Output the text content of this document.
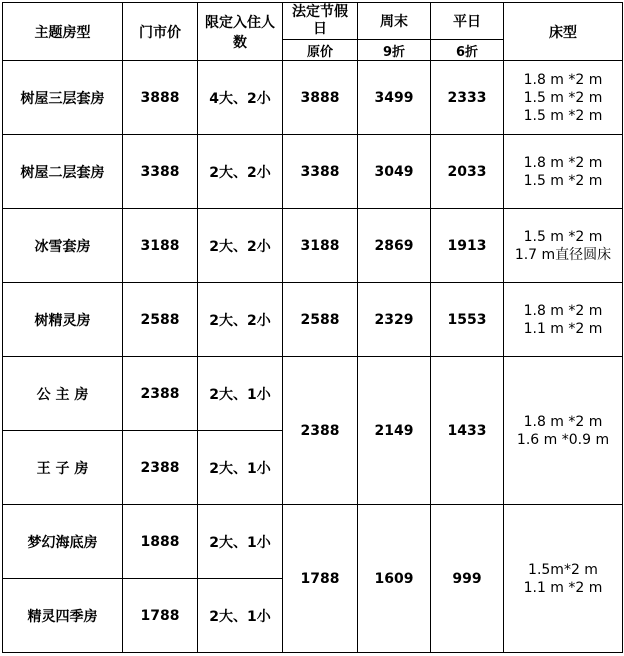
主题房型	门市价	限定入住人数	法定节假日	周末	平日	床型
			原价	9折	6折	
树屋三层套房	3888	4大、2小	3888	3499	2333	1.8 m *2 m
1.5 m *2 m
1.5 m *2 m

树屋二层套房	3388	2大、2小	3388	3049	2033	1.8 m *2 m
1.5 m *2 m

冰雪套房	3188	2大、2小	3188	2869	1913	1.5 m *2 m
1.7 m直径圆床

树精灵房	2588	2大、2小	2588	2329	1553	1.8 m *2 m
1.1 m *2 m

公 主 房	2388	2大、1小	2388	2149	1433	1.8 m *2 m
1.6 m *0.9 m

王 子 房	2388	2大、1小				
梦幻海底房	1888	2大、1小	1788	1609	999	1.5m*2 m
1.1 m *2 m

精灵四季房	1788	2大、1小				
